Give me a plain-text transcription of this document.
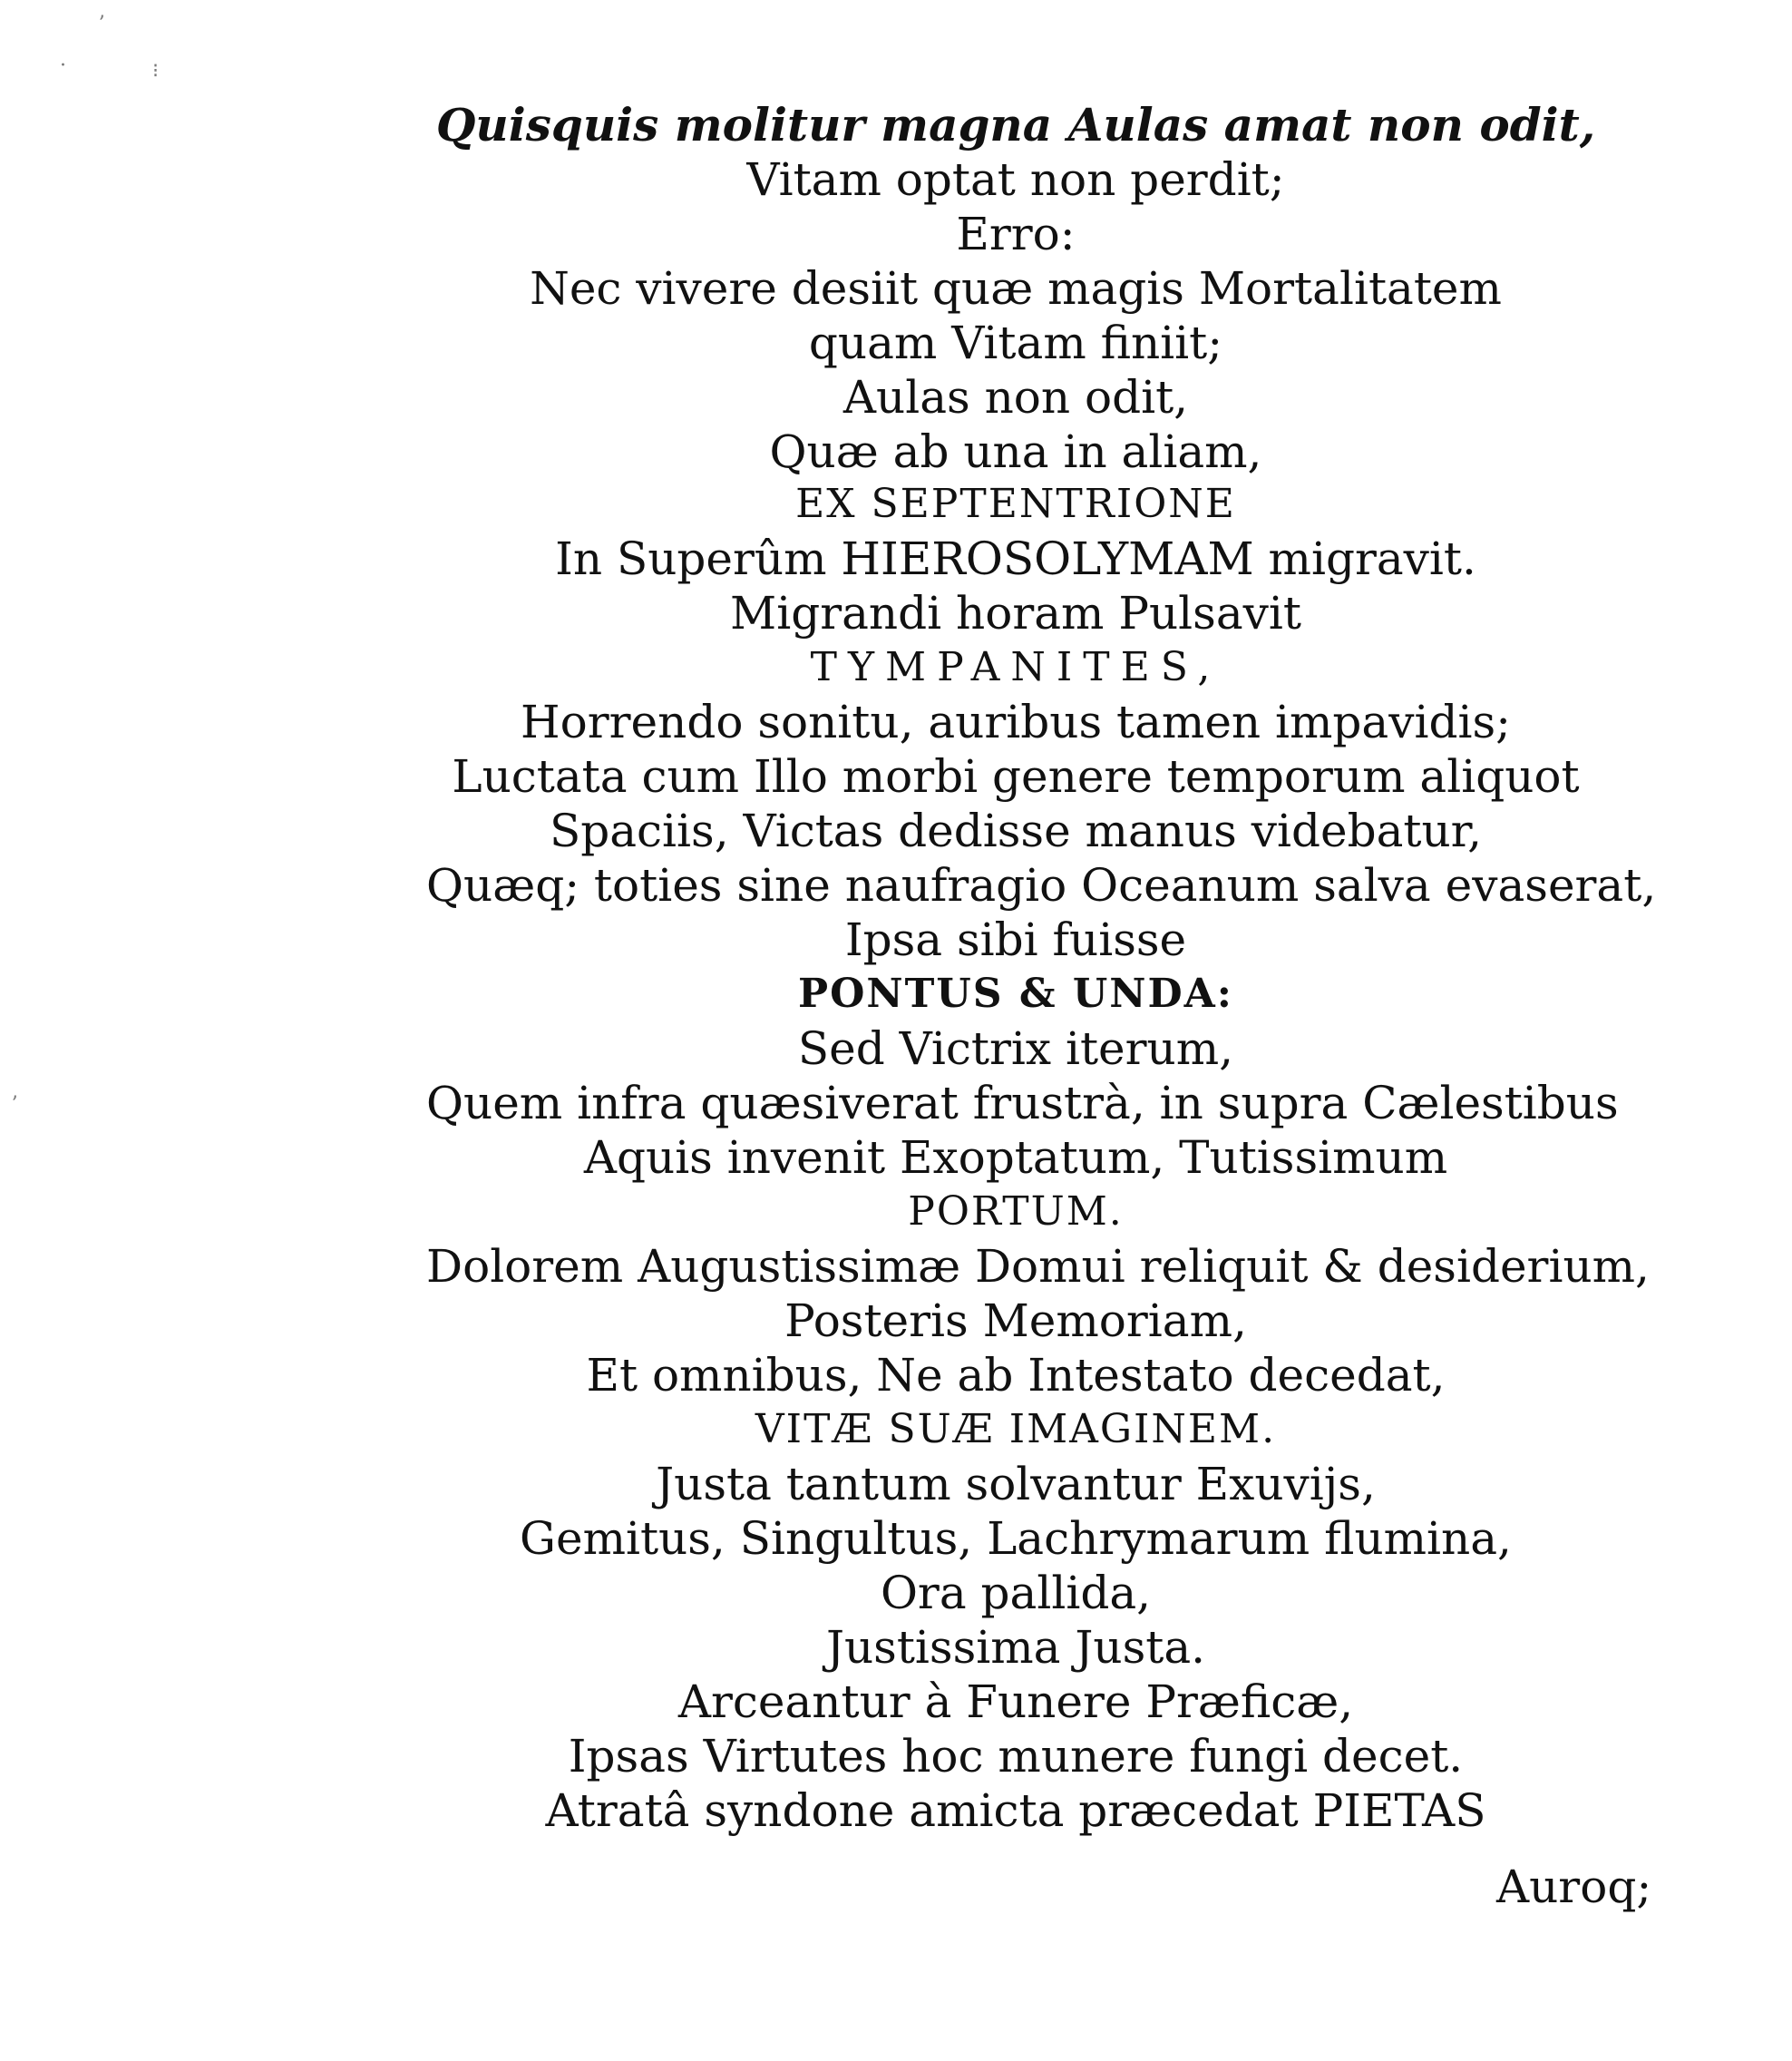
ʼ
·	⁝
ʼ
Quisquis molitur magna Aulas amat non odit,
Vitam optat non perdit;
Erro:
Nec vivere desiit quæ magis Mortalitatem
quam Vitam finiit;
Aulas non odit,
Quæ ab una in aliam,
EX SEPTENTRIONE
In Superûm HIEROSOLYMAM migravit.
Migrandi horam Pulsavit
TYMPANITES,
Horrendo sonitu, auribus tamen impavidis;
Luctata cum Illo morbi genere temporum aliquot
Spaciis, Victas dedisse manus videbatur,
Quæq; toties sine naufragio Oceanum salva evaserat,
Ipsa sibi fuisse
PONTUS & UNDA:
Sed Victrix iterum,
Quem infra quæsiverat frustrà, in supra Cælestibus
Aquis invenit Exoptatum, Tutissimum
PORTUM.
Dolorem Augustissimæ Domui reliquit & desiderium,
Posteris Memoriam,
Et omnibus, Ne ab Intestato decedat,
VITÆ SUÆ IMAGINEM.
Justa tantum solvantur Exuvijs,
Gemitus, Singultus, Lachrymarum flumina,
Ora pallida,
Justissima Justa.
Arceantur à Funere Præficæ,
Ipsas Virtutes hoc munere fungi decet.
Atratâ syndone amicta præcedat PIETAS
Auroq;
